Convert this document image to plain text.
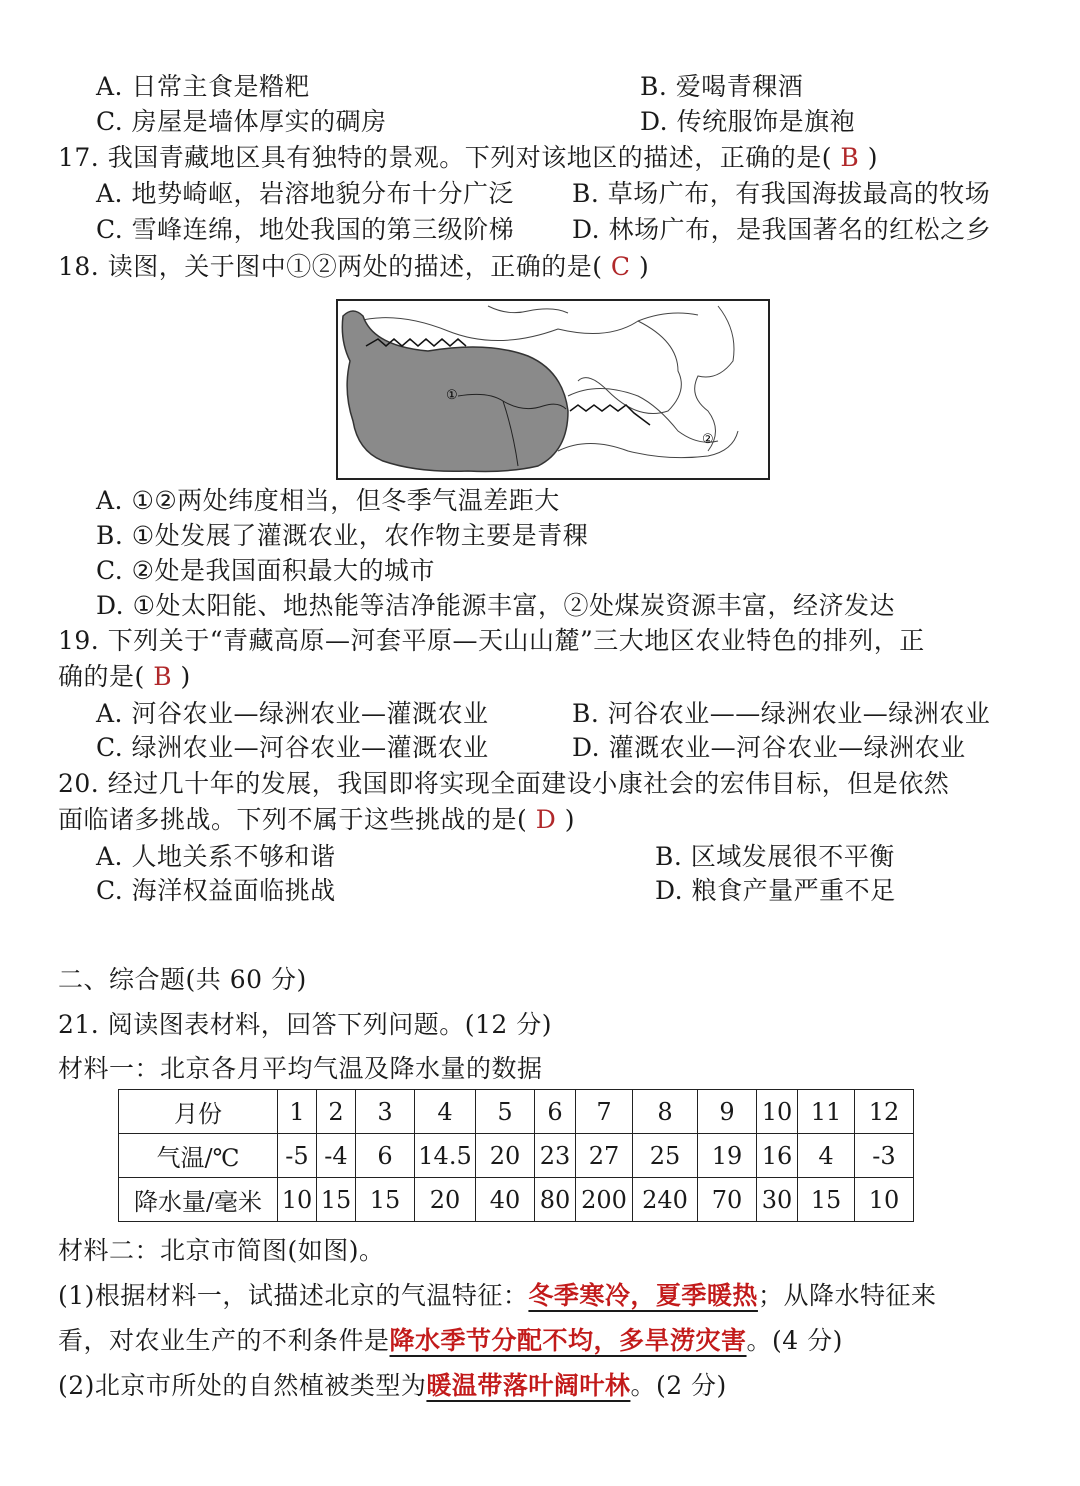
A. 日常主食是糌粑	B. 爱喝青稞酒
C. 房屋是墙体厚实的碉房	D. 传统服饰是旗袍
17. 我国青藏地区具有独特的景观。下列对该地区的描述，正确的是( B )
A. 地势崎岖，岩溶地貌分布十分广泛 B. 草场广布，有我国海拔最高的牧场
C. 雪峰连绵，地处我国的第三级阶梯 D. 林场广布，是我国著名的红松之乡
18. 读图，关于图中①②两处的描述，正确的是( C )
①
②
A. ①②两处纬度相当，但冬季气温差距大
B. ①处发展了灌溉农业，农作物主要是青稞
C. ②处是我国面积最大的城市
D. ①处太阳能、地热能等洁净能源丰富，②处煤炭资源丰富，经济发达
19. 下列关于“青藏高原—河套平原—天山山麓”三大地区农业特色的排列，正
确的是( B )
A. 河谷农业—绿洲农业—灌溉农业	B. 河谷农业——绿洲农业—绿洲农业
C. 绿洲农业—河谷农业—灌溉农业	D. 灌溉农业—河谷农业—绿洲农业
20. 经过几十年的发展，我国即将实现全面建设小康社会的宏伟目标，但是依然
面临诸多挑战。下列不属于这些挑战的是( D )
A. 人地关系不够和谐	B. 区域发展很不平衡
C. 海洋权益面临挑战	D. 粮食产量严重不足
二、综合题(共 60 分)
21. 阅读图表材料，回答下列问题。(12 分)
材料一：北京各月平均气温及降水量的数据
月份	1	2	3	4	5	6	7	8	9	10	11	12
气温/℃	-5	-4	6	14.5	20	23	27	25	19	16	4	-3
降水量/毫米	10	15	15	20	40	80	200	240	70	30	15	10
材料二：北京市简图(如图)。
(1)根据材料一，试描述北京的气温特征：冬季寒冷，夏季暖热；从降水特征来
看，对农业生产的不利条件是降水季节分配不均，多旱涝灾害。(4 分)
(2)北京市所处的自然植被类型为暖温带落叶阔叶林。(2 分)
